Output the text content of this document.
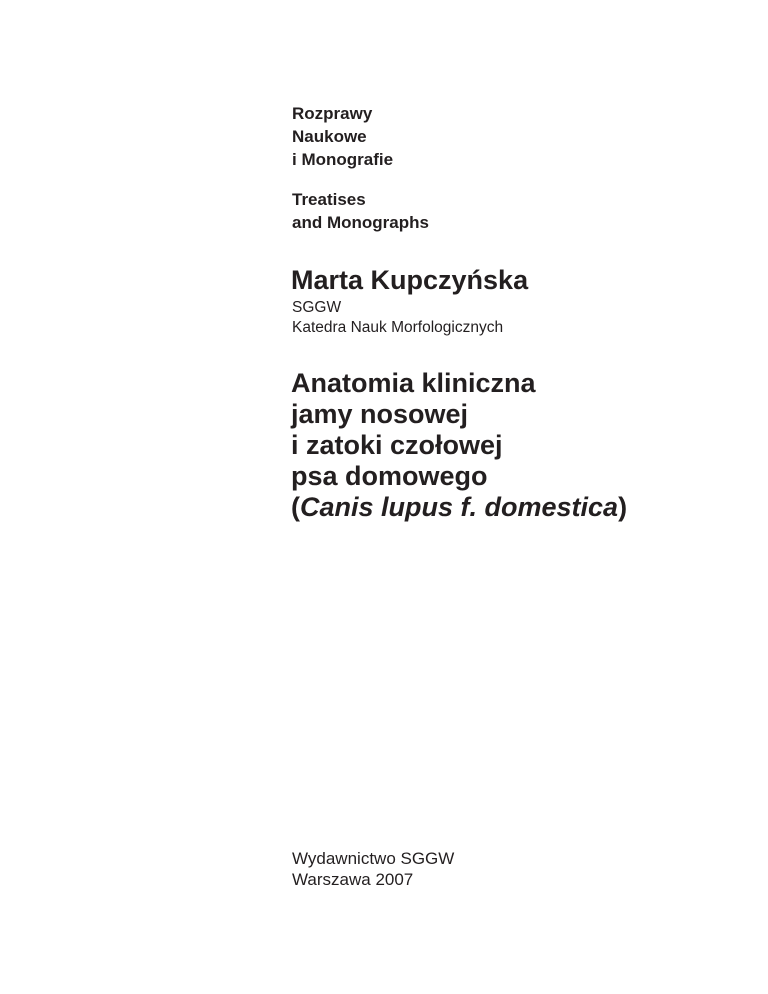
Rozprawy
Naukowe
i Monografie
Treatises
and Monographs
Marta Kupczyńska
SGGW
Katedra Nauk Morfologicznych
Anatomia kliniczna
jamy nosowej
i zatoki czołowej
psa domowego
(Canis lupus f. domestica)
Wydawnictwo SGGW
Warszawa 2007
